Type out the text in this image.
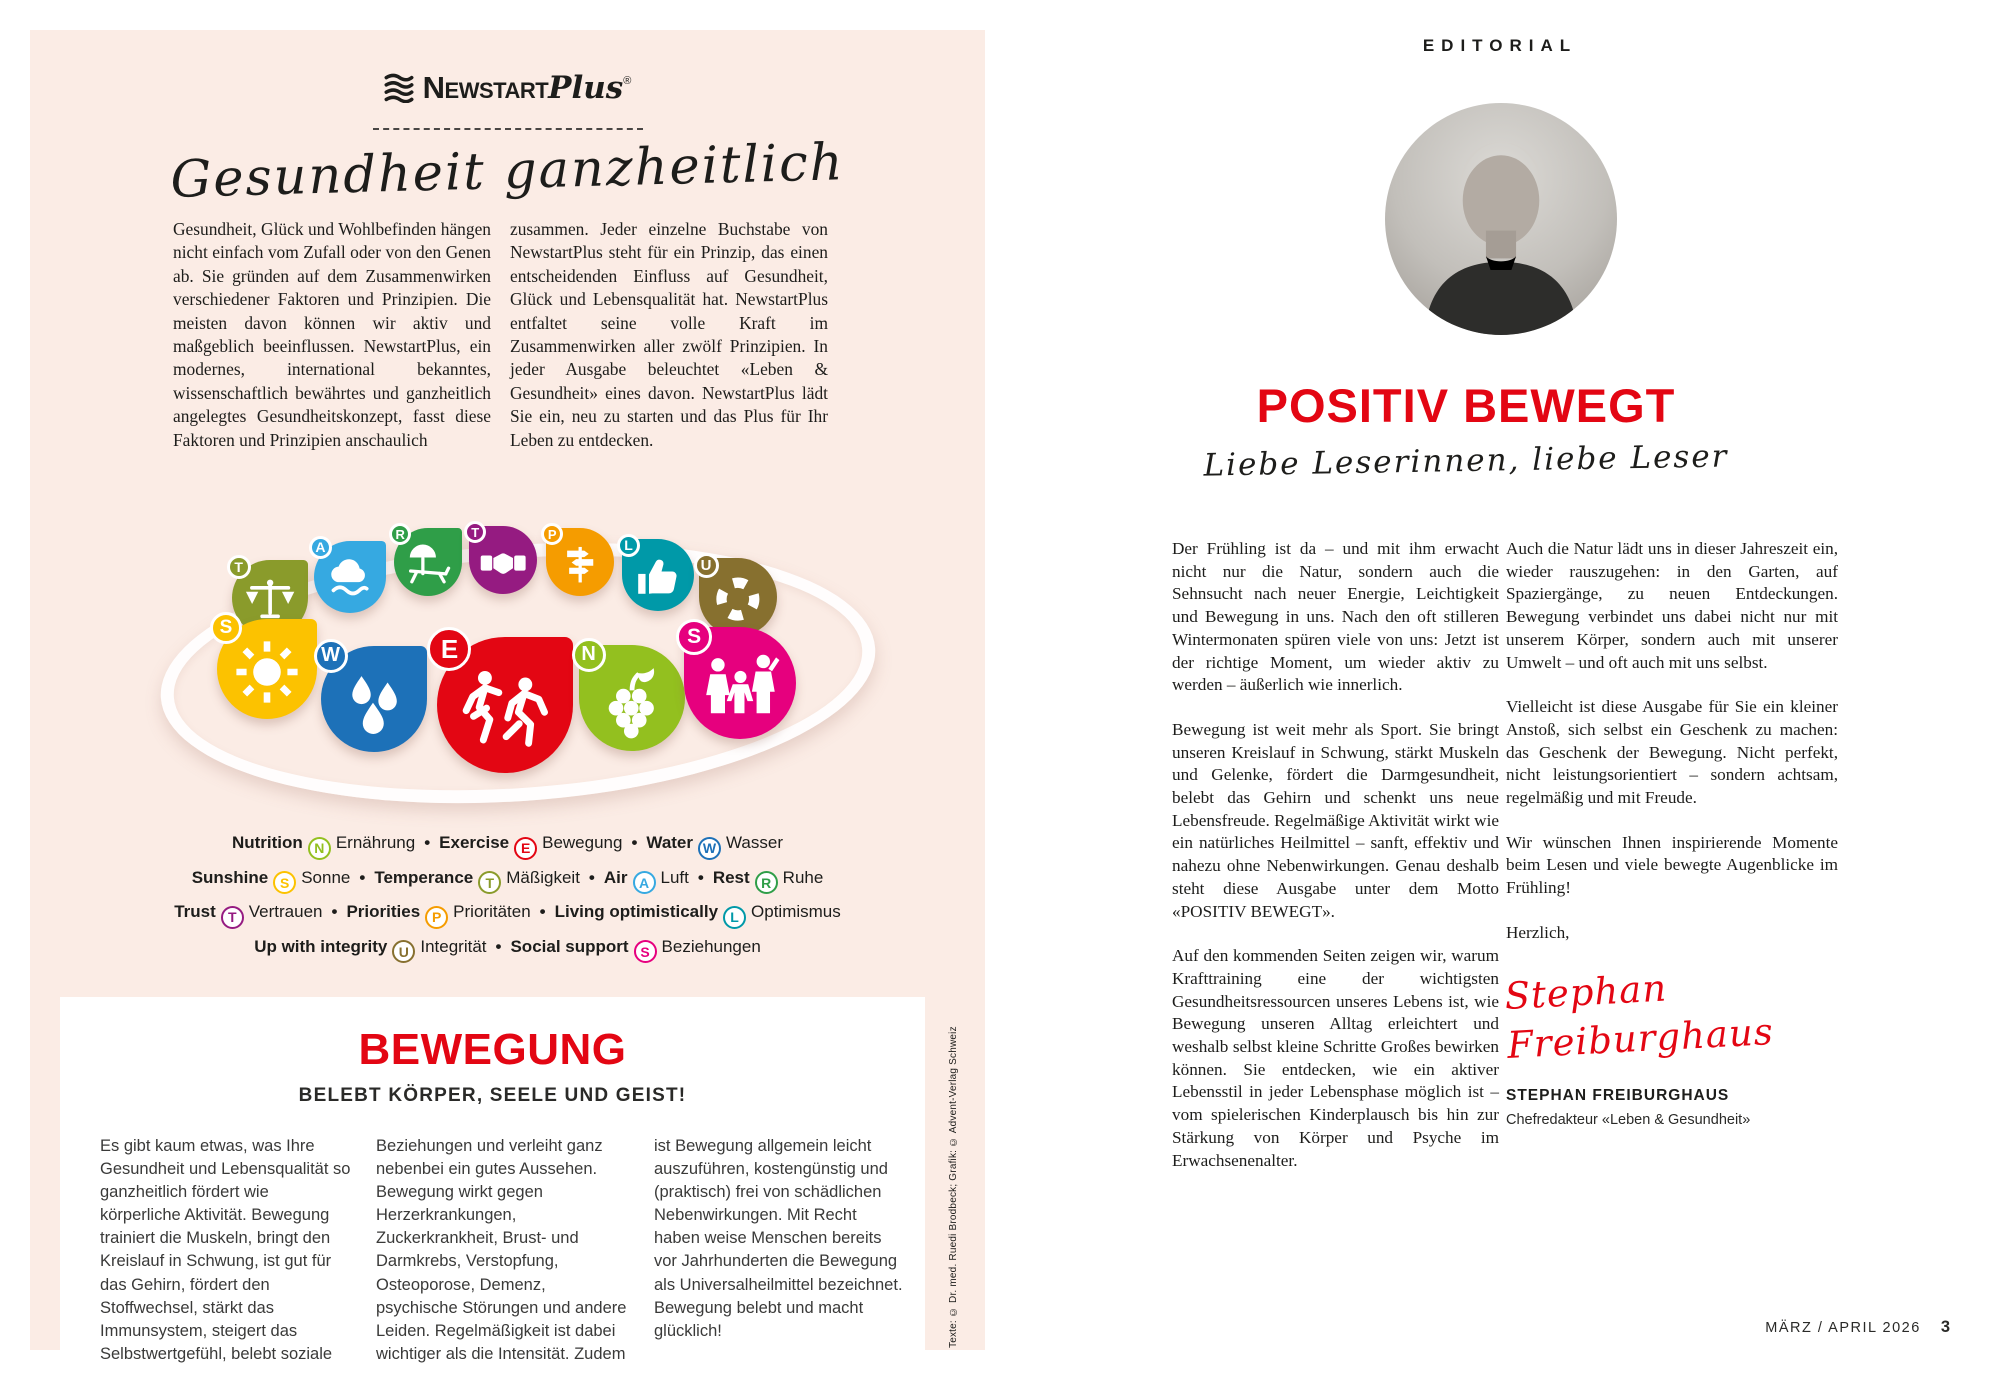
NewstartPlus®
Gesundheit ganzheitlich
Gesundheit, Glück und Wohlbefinden hängen nicht einfach vom Zufall oder von den Genen ab. Sie gründen auf dem Zusammenwirken verschiedener Faktoren und Prinzipien. Die meisten davon können wir aktiv und maßgeblich beeinflussen. NewstartPlus, ein modernes, international bekanntes, wissenschaftlich bewährtes und ganzheitlich angelegtes Gesundheitskonzept, fasst diese Faktoren und Prinzipien anschaulich
zusammen. Jeder einzelne Buchstabe von NewstartPlus steht für ein Prinzip, das einen entscheidenden Einfluss auf Gesundheit, Glück und Lebensqualität hat. NewstartPlus entfaltet seine volle Kraft im Zusammenwirken aller zwölf Prinzipien. In jeder Ausgabe beleuchtet «Leben & Gesundheit» eines davon. NewstartPlus lädt Sie ein, neu zu starten und das Plus für Ihr Leben zu entdecken.
T
A
R	T	P
L
U
S
W	E	N
S
Nutrition N Ernährung • Exercise E Bewegung • Water W Wasser
Sunshine S Sonne • Temperance T Mäßigkeit • Air A Luft • Rest R Ruhe
Trust T Vertrauen • Priorities P Prioritäten • Living optimistically L Optimismus
Up with integrity U Integrität • Social support S Beziehungen
BEWEGUNG
BELEBT KÖRPER, SEELE UND GEIST!
Es gibt kaum etwas, was Ihre Gesundheit und Lebensqualität so ganzheitlich fördert wie körperliche Aktivität. Bewegung trainiert die Muskeln, bringt den Kreislauf in Schwung, ist gut für das Gehirn, fördert den Stoffwechsel, stärkt das Immunsystem, steigert das Selbstwertgefühl, belebt soziale
Beziehungen und verleiht ganz nebenbei ein gutes Aussehen. Bewegung wirkt gegen Herzerkrankungen, Zuckerkrankheit, Brust- und Darmkrebs, Verstopfung, Osteoporose, Demenz, psychische Störungen und andere Leiden. Regelmäßigkeit ist dabei wichtiger als die Intensität. Zudem
ist Bewegung allgemein leicht auszuführen, kostengünstig und (praktisch) frei von schädlichen Nebenwirkungen. Mit Recht haben weise Menschen bereits vor Jahrhunderten die Bewegung als Universalheilmittel bezeichnet. Bewegung belebt und macht glücklich!	Texte: © Dr. med. Ruedi Brodbeck; Grafik: © Advent-Verlag Schweiz
EDITORIAL
POSITIV BEWEGT
Liebe Leserinnen, liebe Leser

Der Frühling ist da – und mit ihm erwacht nicht nur die Natur, sondern auch die Sehnsucht nach neuer Energie, Leichtigkeit und Bewegung in uns. Nach den oft stilleren Wintermonaten spüren viele von uns: Jetzt ist der richtige Moment, um wieder aktiv zu werden – äußerlich wie innerlich.

Bewegung ist weit mehr als Sport. Sie bringt unseren Kreislauf in Schwung, stärkt Muskeln und Gelenke, fördert die Darmgesundheit, belebt das Gehirn und schenkt uns neue Lebensfreude. Regelmäßige Aktivität wirkt wie ein natürliches Heilmittel – sanft, effektiv und nahezu ohne Nebenwirkungen. Genau deshalb steht diese Ausgabe unter dem Motto «POSITIV BEWEGT».

Auf den kommenden Seiten zeigen wir, warum Krafttraining eine der wichtigsten Gesundheitsressourcen unseres Lebens ist, wie Bewegung unseren Alltag erleichtert und weshalb selbst kleine Schritte Großes bewirken können. Sie entdecken, wie ein aktiver Lebensstil in jeder Lebensphase möglich ist – vom spielerischen Kinderplausch bis hin zur Stärkung von Körper und Psyche im Erwachsenenalter.

Auch die Natur lädt uns in dieser Jahreszeit ein, wieder rauszugehen: in den Garten, auf Spaziergänge, zu neuen Entdeckungen. Bewegung verbindet uns dabei nicht nur mit unserem Körper, sondern auch mit unserer Umwelt – und oft auch mit uns selbst.

Vielleicht ist diese Ausgabe für Sie ein kleiner Anstoß, sich selbst ein Geschenk zu machen: das Geschenk der Bewegung. Nicht perfekt, nicht leistungsorientiert – sondern achtsam, regelmäßig und mit Freude.

Wir wünschen Ihnen inspirierende Momente beim Lesen und viele bewegte Augenblicke im Frühling!

Herzlich,
Stephan Freiburghaus
STEPHAN FREIBURGHAUS
Chefredakteur «Leben & Gesundheit»
MÄRZ / APRIL 2026 3
